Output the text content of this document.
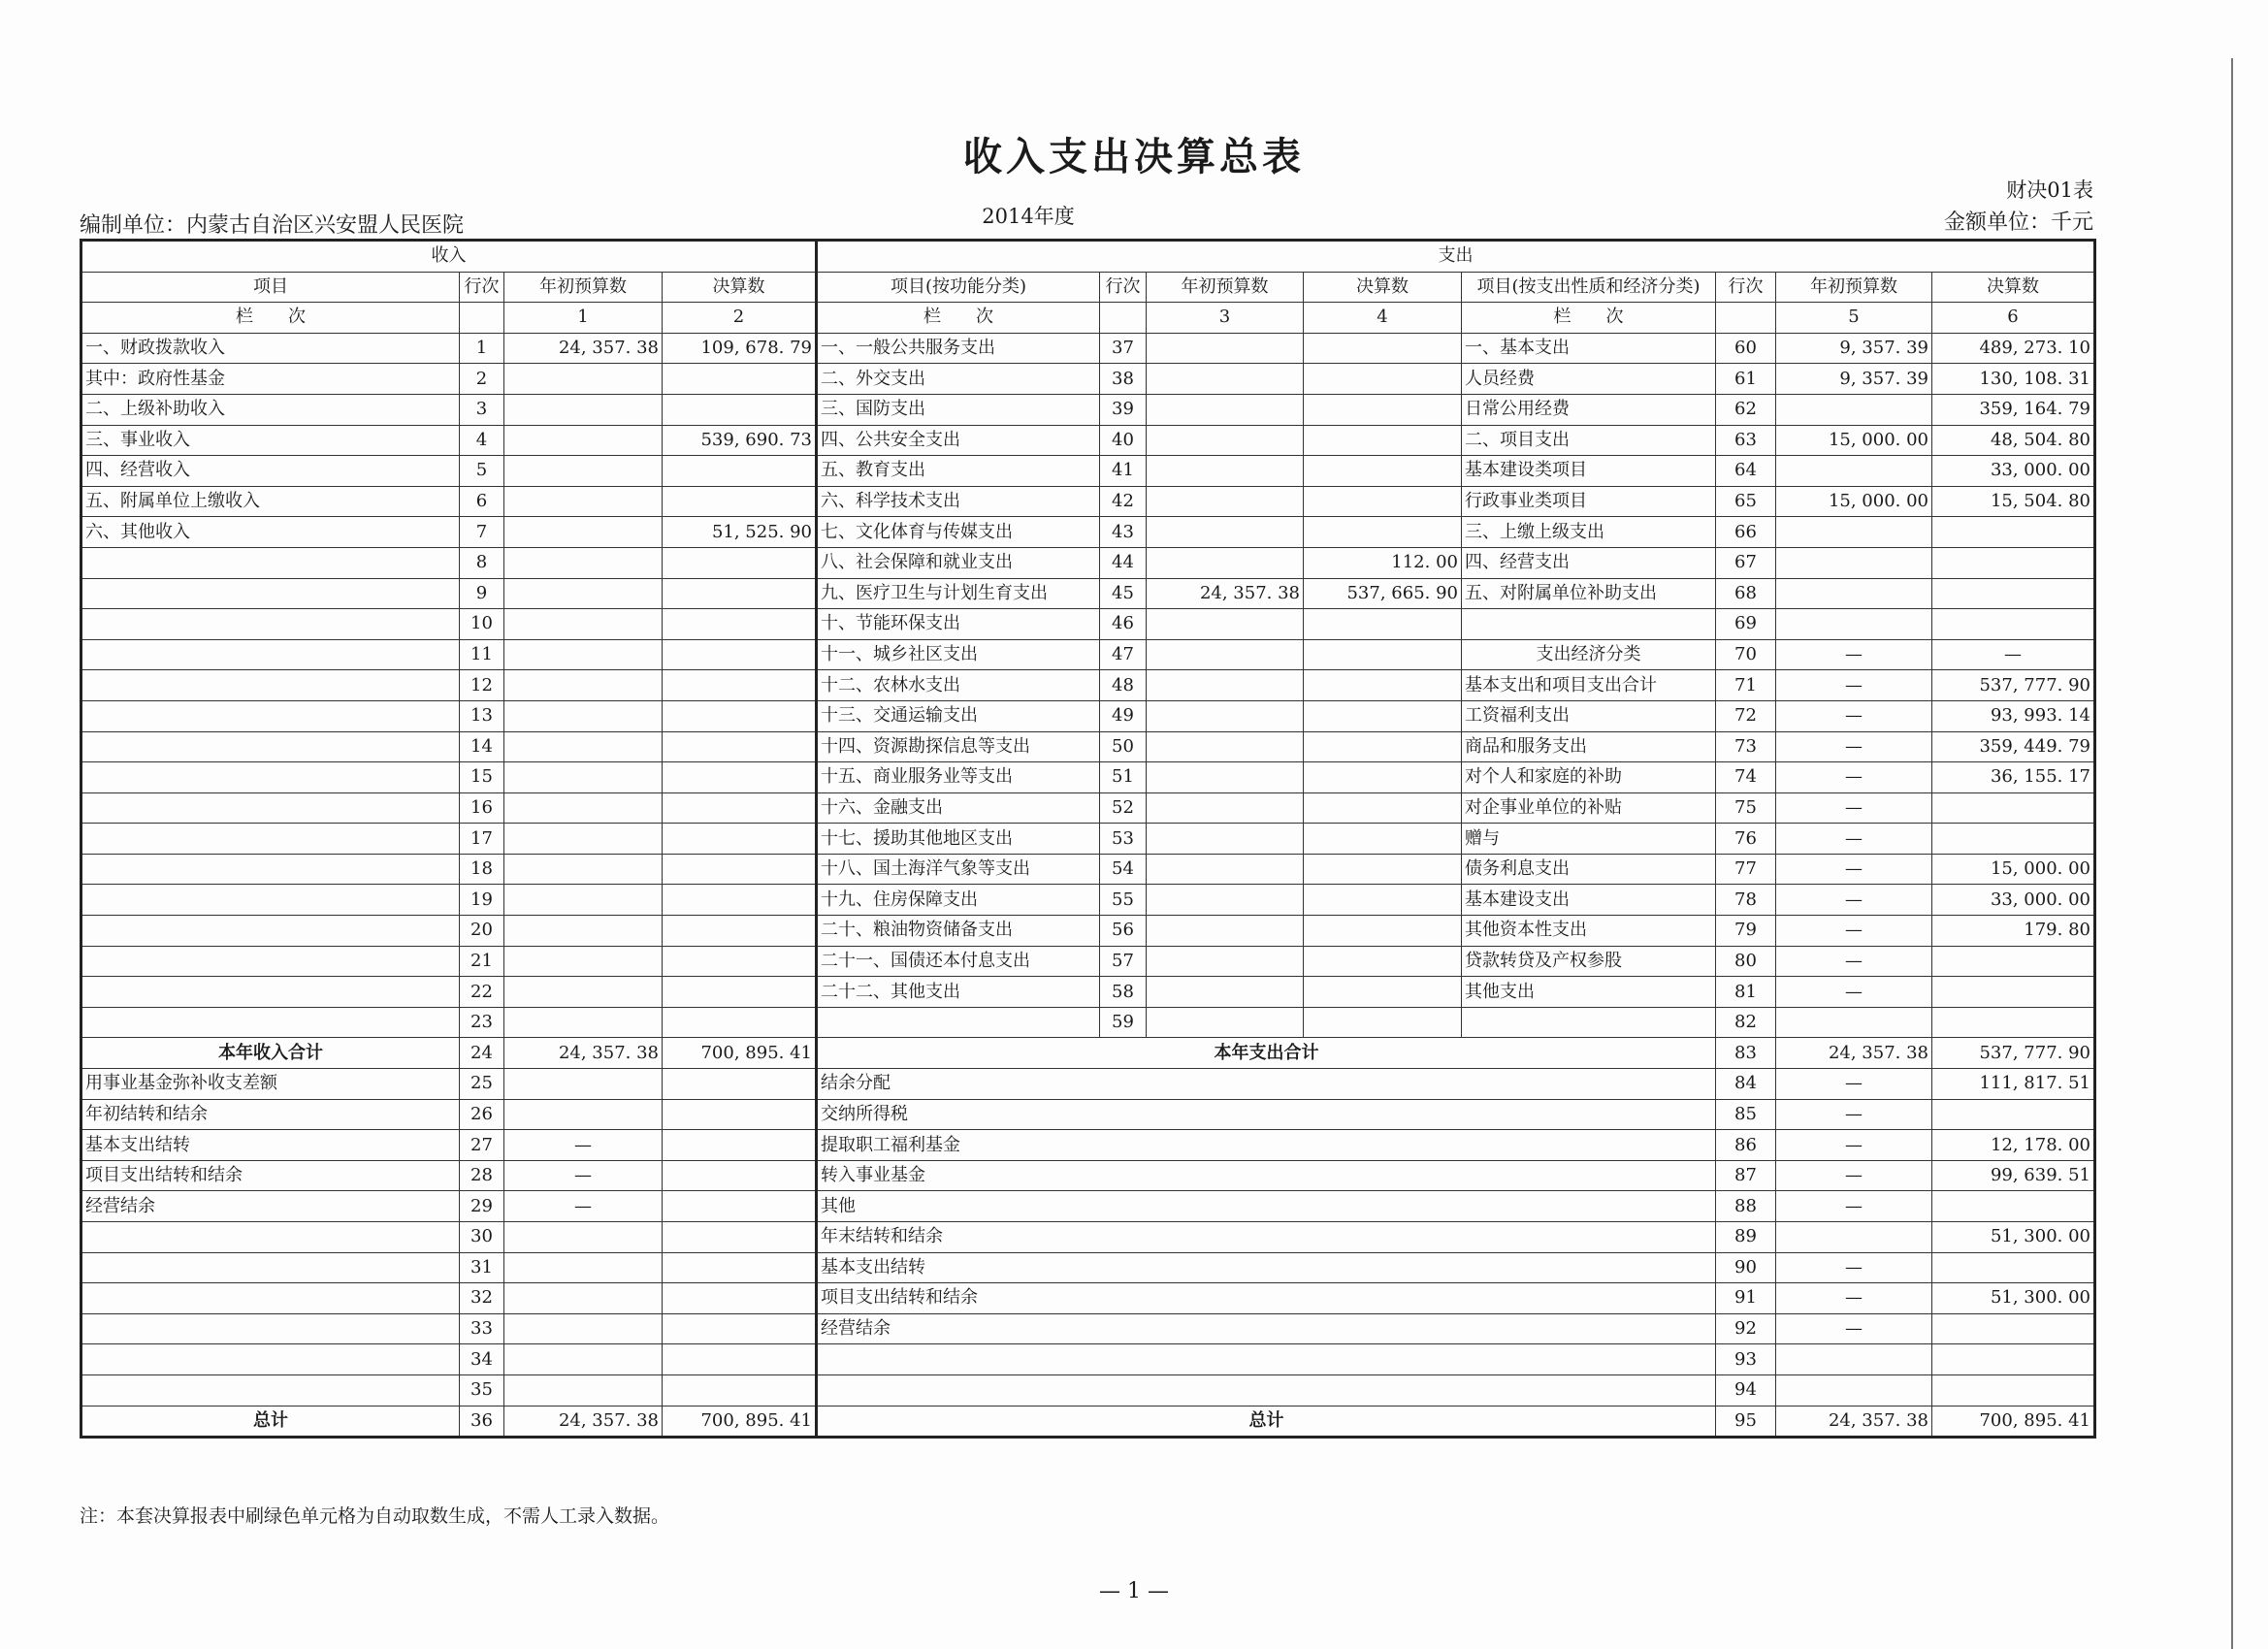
收入支出决算总表
财决01表
编制单位：内蒙古自治区兴安盟人民医院	2014年度	金额单位：千元
收入				支出							
项目	行次	年初预算数	决算数	项目(按功能分类)	行次	年初预算数	决算数	项目(按支出性质和经济分类)	行次	年初预算数	决算数
栏　　次		1	2	栏　　次		3	4	栏　　次		5	6
一、财政拨款收入	1	24, 357. 38	109, 678. 79	一、一般公共服务支出	37			一、基本支出	60	9, 357. 39	489, 273. 10
其中：政府性基金	2			二、外交支出	38			人员经费	61	9, 357. 39	130, 108. 31
二、上级补助收入	3			三、国防支出	39			日常公用经费	62		359, 164. 79
三、事业收入	4		539, 690. 73	四、公共安全支出	40			二、项目支出	63	15, 000. 00	48, 504. 80
四、经营收入	5			五、教育支出	41			基本建设类项目	64		33, 000. 00
五、附属单位上缴收入	6			六、科学技术支出	42			行政事业类项目	65	15, 000. 00	15, 504. 80
六、其他收入	7		51, 525. 90	七、文化体育与传媒支出	43			三、上缴上级支出	66		
	8			八、社会保障和就业支出	44		112. 00	四、经营支出	67		
	9			九、医疗卫生与计划生育支出	45	24, 357. 38	537, 665. 90	五、对附属单位补助支出	68		
	10			十、节能环保支出	46				69		
	11			十一、城乡社区支出	47			支出经济分类	70	—	—
	12			十二、农林水支出	48			基本支出和项目支出合计	71	—	537, 777. 90
	13			十三、交通运输支出	49			工资福利支出	72	—	93, 993. 14
	14			十四、资源勘探信息等支出	50			商品和服务支出	73	—	359, 449. 79
	15			十五、商业服务业等支出	51			对个人和家庭的补助	74	—	36, 155. 17
	16			十六、金融支出	52			对企事业单位的补贴	75	—	
	17			十七、援助其他地区支出	53			赠与	76	—	
	18			十八、国土海洋气象等支出	54			债务利息支出	77	—	15, 000. 00
	19			十九、住房保障支出	55			基本建设支出	78	—	33, 000. 00
	20			二十、粮油物资储备支出	56			其他资本性支出	79	—	179. 80
	21			二十一、国债还本付息支出	57			贷款转贷及产权参股	80	—	
	22			二十二、其他支出	58			其他支出	81	—	
	23				59				82		
本年收入合计	24	24, 357. 38	700, 895. 41	本年支出合计					83	24, 357. 38	537, 777. 90
用事业基金弥补收支差额	25			结余分配					84	—	111, 817. 51
年初结转和结余	26			交纳所得税					85	—	
基本支出结转	27	—		提取职工福利基金					86	—	12, 178. 00
项目支出结转和结余	28	—		转入事业基金					87	—	99, 639. 51
经营结余	29	—		其他					88	—	
	30			年末结转和结余					89		51, 300. 00
	31			基本支出结转					90	—	
	32			项目支出结转和结余					91	—	51, 300. 00
	33			经营结余					92	—	
	34								93		
	35								94		
总计	36	24, 357. 38	700, 895. 41	总计					95	24, 357. 38	700, 895. 41
注：本套决算报表中刷绿色单元格为自动取数生成，不需人工录入数据。
— 1 —
